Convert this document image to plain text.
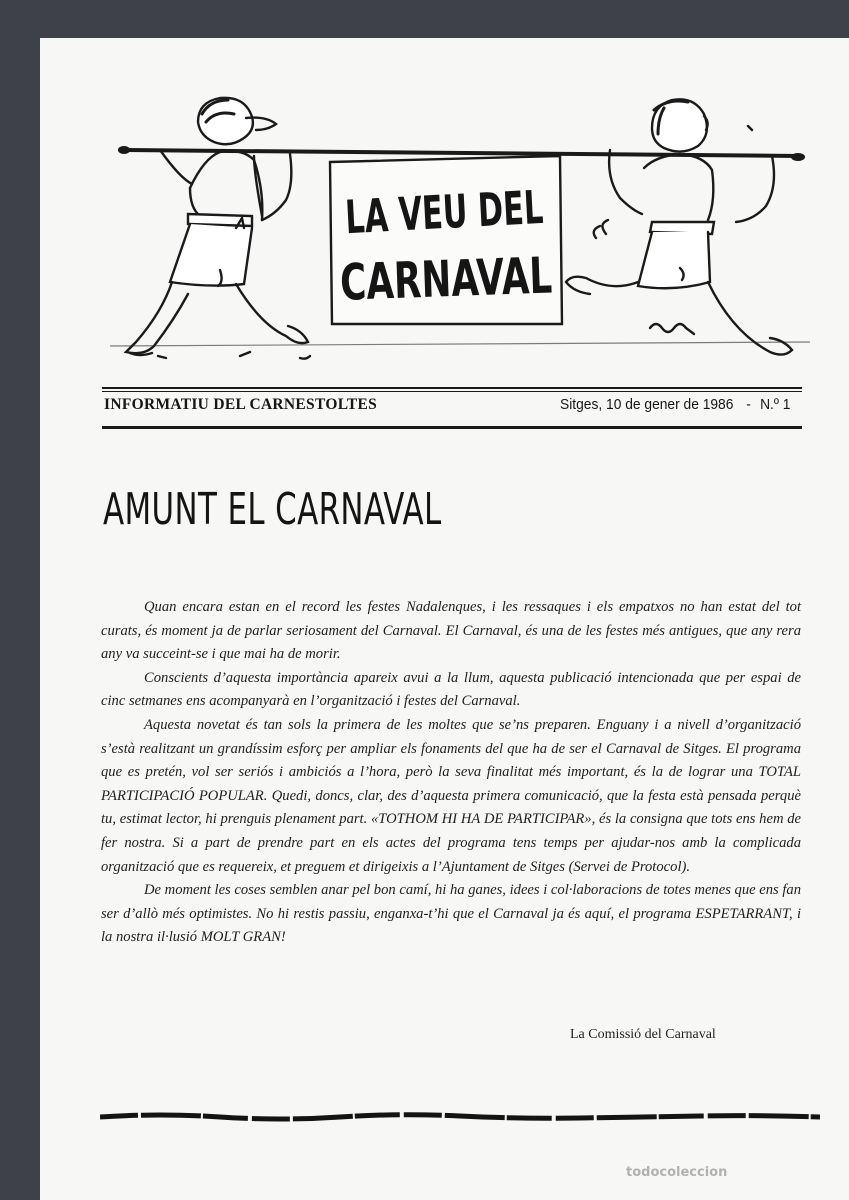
LA VEU DEL
CARNAVAL
INFORMATIU DEL CARNESTOLTES	Sitges, 10 de gener de 1986 - N.º 1
AMUNT EL CARNAVAL

Quan encara estan en el record les festes Nadalenques, i les ressaques i els empatxos no han estat del tot curats, és moment ja de parlar seriosament del Carnaval. El Carnaval, és una de les festes més antigues, que any rera any va succeint-se i que mai ha de morir.

Conscients d’aquesta importància apareix avui a la llum, aquesta publicació intencionada que per espai de cinc setmanes ens acompanyarà en l’organització i festes del Carnaval.

Aquesta novetat és tan sols la primera de les moltes que se’ns preparen. Enguany i a nivell d’organització s’està realitzant un grandíssim esforç per ampliar els fonaments del que ha de ser el Carnaval de Sitges. El programa que es pretén, vol ser seriós i ambiciós a l’hora, però la seva finalitat més important, és la de lograr una TOTAL PARTICIPACIÓ POPULAR. Quedi, doncs, clar, des d’aquesta primera comunicació, que la festa està pensada perquè tu, estimat lector, hi prenguis plenament part. «TOTHOM HI HA DE PARTICIPAR», és la consigna que tots ens hem de fer nostra. Si a part de prendre part en els actes del programa tens temps per ajudar-nos amb la complicada organització que es requereix, et preguem et dirigeixis a l’Ajuntament de Sitges (Servei de Protocol).

De moment les coses semblen anar pel bon camí, hi ha ganes, idees i col·laboracions de totes menes que ens fan ser d’allò més optimistes. No hi restis passiu, enganxa-t’hi que el Carnaval ja és aquí, el programa ESPETARRANT, i la nostra il·lusió MOLT GRAN!

La Comissió del Carnaval
todocoleccion
